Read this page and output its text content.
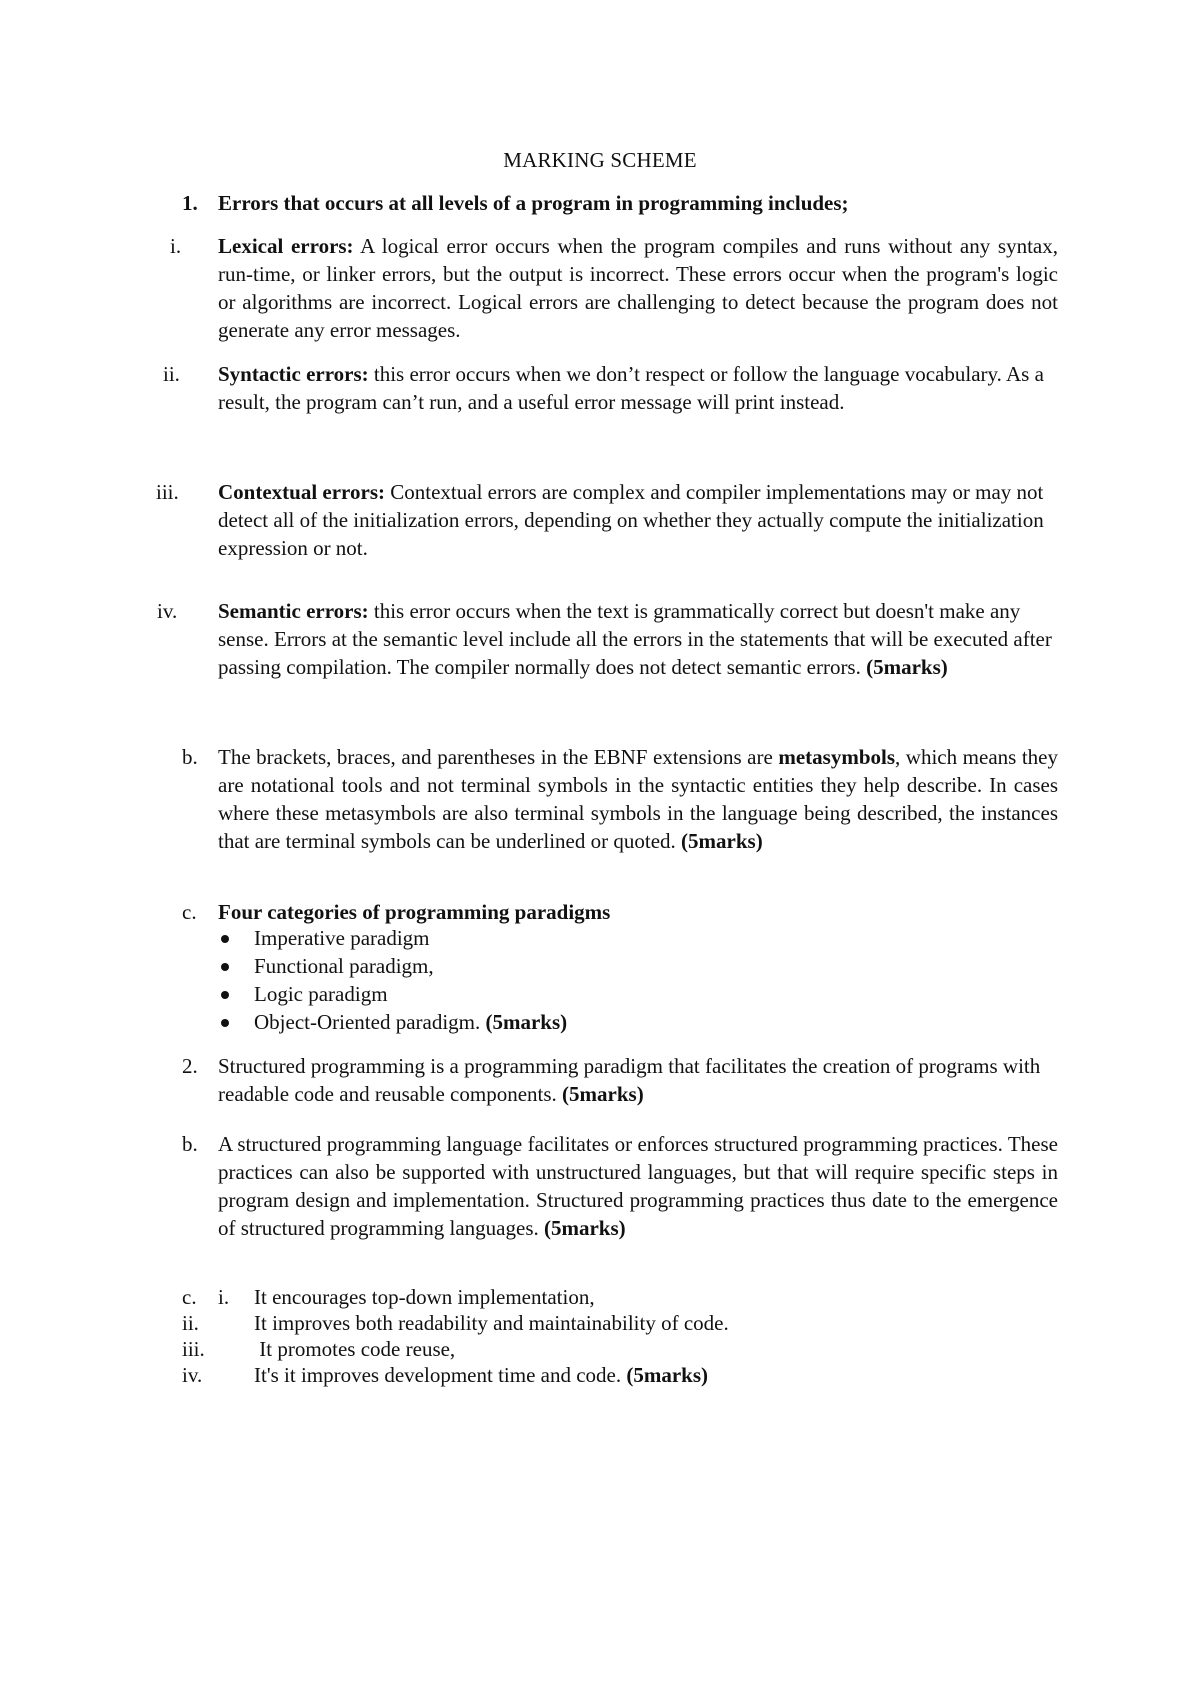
MARKING SCHEME
1. Errors that occurs at all levels of a program in programming includes;
i. Lexical errors: A logical error occurs when the program compiles and runs without any syntax, run-time, or linker errors, but the output is incorrect. These errors occur when the program's logic or algorithms are incorrect. Logical errors are challenging to detect because the program does not generate any error messages.
ii. Syntactic errors: this error occurs when we don’t respect or follow the language vocabulary. As a result, the program can’t run, and a useful error message will print instead.
iii. Contextual errors: Contextual errors are complex and compiler implementations may or may not detect all of the initialization errors, depending on whether they actually compute the initialization expression or not.
iv. Semantic errors: this error occurs when the text is grammatically correct but doesn't make any sense. Errors at the semantic level include all the errors in the statements that will be executed after passing compilation. The compiler normally does not detect semantic errors. (5marks)
b. The brackets, braces, and parentheses in the EBNF extensions are metasymbols, which means they are notational tools and not terminal symbols in the syntactic entities they help describe. In cases where these metasymbols are also terminal symbols in the language being described, the instances that are terminal symbols can be underlined or quoted. (5marks)
c. Four categories of programming paradigms
Imperative paradigm
Functional paradigm,
Logic paradigm
Object-Oriented paradigm. (5marks)
2. Structured programming is a programming paradigm that facilitates the creation of programs with readable code and reusable components. (5marks)
b. A structured programming language facilitates or enforces structured programming practices. These practices can also be supported with unstructured languages, but that will require specific steps in program design and implementation. Structured programming practices thus date to the emergence of structured programming languages. (5marks)
c. i. It encourages top-down implementation,
ii.	It improves both readability and maintainability of code.
iii. It promotes code reuse,
iv. It's it improves development time and code. (5marks)
